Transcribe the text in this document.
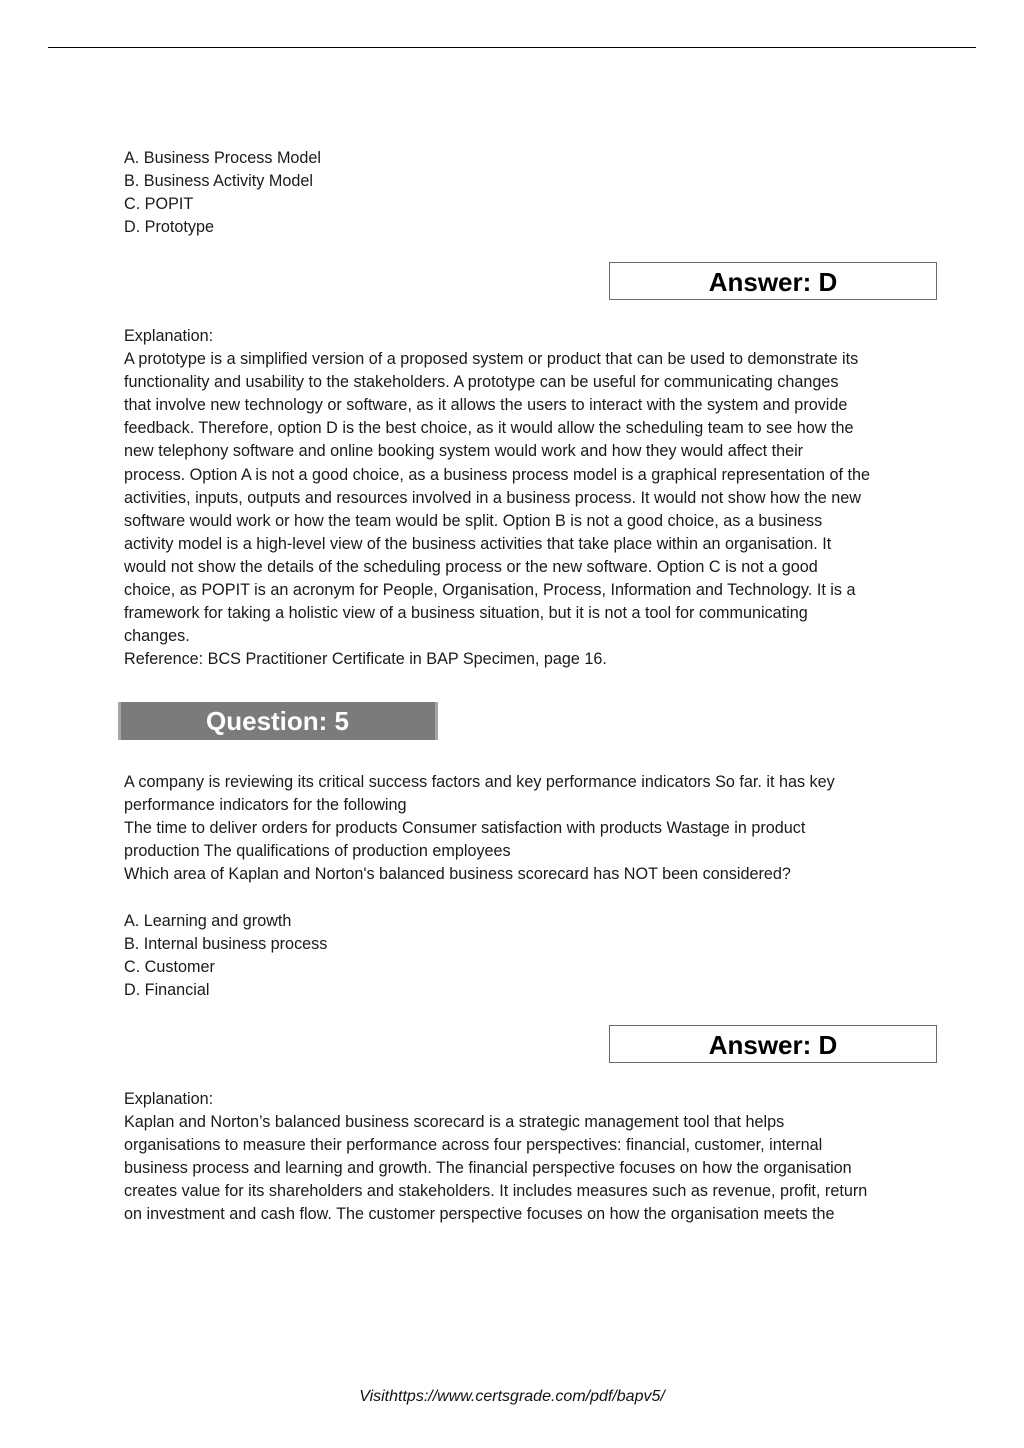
A. Business Process Model
B. Business Activity Model
C. POPIT
D. Prototype
Answer: D
Explanation:
A prototype is a simplified version of a proposed system or product that can be used to demonstrate its
functionality and usability to the stakeholders. A prototype can be useful for communicating changes
that involve new technology or software, as it allows the users to interact with the system and provide
feedback. Therefore, option D is the best choice, as it would allow the scheduling team to see how the
new telephony software and online booking system would work and how they would affect their
process. Option A is not a good choice, as a business process model is a graphical representation of the
activities, inputs, outputs and resources involved in a business process. It would not show how the new
software would work or how the team would be split. Option B is not a good choice, as a business
activity model is a high-level view of the business activities that take place within an organisation. It
would not show the details of the scheduling process or the new software. Option C is not a good
choice, as POPIT is an acronym for People, Organisation, Process, Information and Technology. It is a
framework for taking a holistic view of a business situation, but it is not a tool for communicating
changes.
Reference: BCS Practitioner Certificate in BAP Specimen, page 16.
Question: 5
A company is reviewing its critical success factors and key performance indicators So far. it has key
performance indicators for the following
The time to deliver orders for products Consumer satisfaction with products Wastage in product
production The qualifications of production employees
Which area of Kaplan and Norton's balanced business scorecard has NOT been considered?
A. Learning and growth
B. Internal business process
C. Customer
D. Financial
Answer: D
Explanation:
Kaplan and Norton’s balanced business scorecard is a strategic management tool that helps
organisations to measure their performance across four perspectives: financial, customer, internal
business process and learning and growth. The financial perspective focuses on how the organisation
creates value for its shareholders and stakeholders. It includes measures such as revenue, profit, return
on investment and cash flow. The customer perspective focuses on how the organisation meets the
Visithttps://www.certsgrade.com/pdf/bapv5/
